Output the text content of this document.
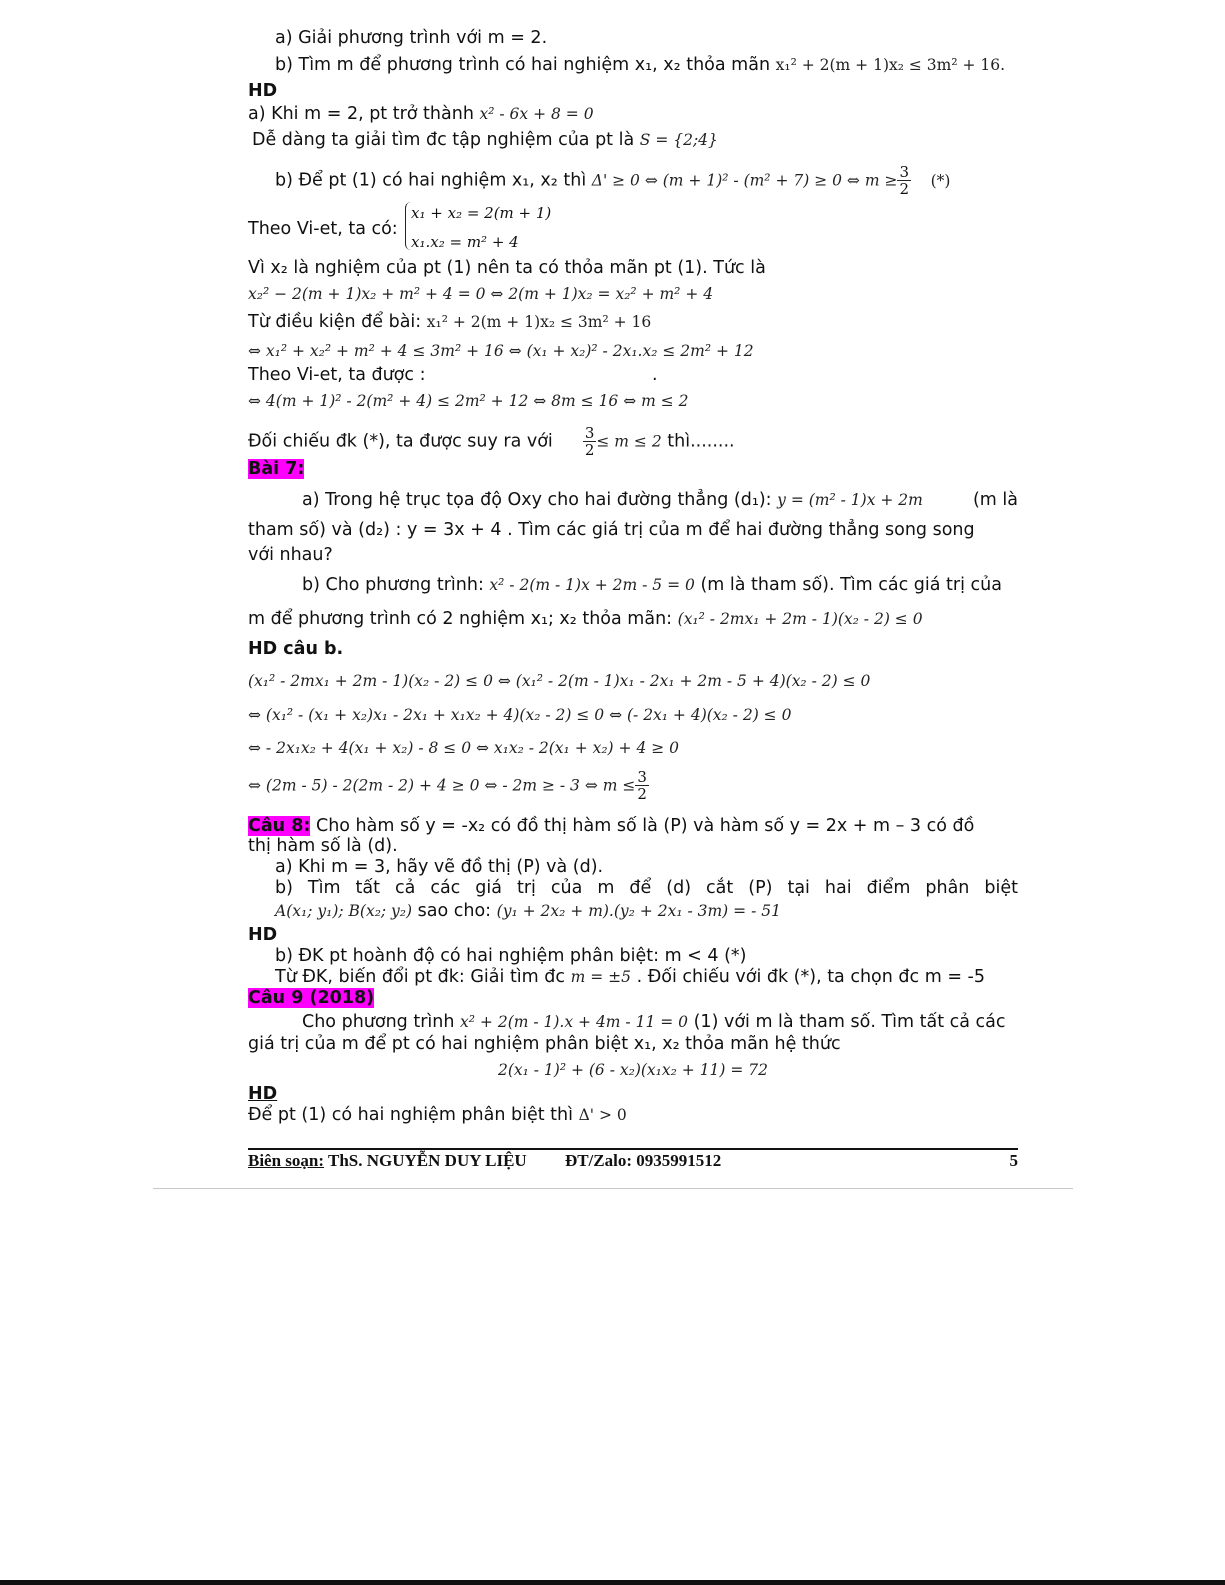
a) Giải phương trình với m = 2.
b) Tìm m để phương trình có hai nghiệm x₁, x₂ thỏa mãn x₁² + 2(m + 1)x₂ ≤ 3m² + 16.
HD
a) Khi m = 2, pt trở thành x² - 6x + 8 = 0
Dễ dàng ta giải tìm đc tập nghiệm của pt là S = {2;4}
b) Để pt (1) có hai nghiệm x₁, x₂ thì Δ' ≥ 0 ⇔ (m + 1)² - (m² + 7) ≥ 0 ⇔ $m \ge \frac{3}{2}$ (*)
Theo Vi-et, ta có:
x₁ + x₂ = 2(m + 1)
x₁.x₂ = m² + 4
Vì x₂ là nghiệm của pt (1) nên ta có thỏa mãn pt (1). Tức là
x₂² − 2(m + 1)x₂ + m² + 4 = 0 ⇔ 2(m + 1)x₂ = x₂² + m² + 4
Từ điều kiện để bài: x₁² + 2(m + 1)x₂ ≤ 3m² + 16
⇔ x₁² + x₂² + m² + 4 ≤ 3m² + 16 ⇔ (x₁ + x₂)² - 2x₁.x₂ ≤ 2m² + 12
Theo Vi-et, ta được :	.
⇔ 4(m + 1)² - 2(m² + 4) ≤ 2m² + 12 ⇔ 8m ≤ 16 ⇔ m ≤ 2
Đối chiếu đk (*), ta được suy ra với $\frac{3}{2} \le m \le 2$ thì........
Bài 7:
a) Trong hệ trục tọa độ Oxy cho hai đường thẳng (d₁): y = (m² - 1)x + 2m	(m là
tham số) và (d₂) : y = 3x + 4 . Tìm các giá trị của m để hai đường thẳng song song
với nhau?
b) Cho phương trình: x² - 2(m - 1)x + 2m - 5 = 0 (m là tham số). Tìm các giá trị của
m để phương trình có 2 nghiệm x₁; x₂ thỏa mãn: (x₁² - 2mx₁ + 2m - 1)(x₂ - 2) ≤ 0
HD câu b.
(x₁² - 2mx₁ + 2m - 1)(x₂ - 2) ≤ 0 ⇔ (x₁² - 2(m - 1)x₁ - 2x₁ + 2m - 5 + 4)(x₂ - 2) ≤ 0
⇔ (x₁² - (x₁ + x₂)x₁ - 2x₁ + x₁x₂ + 4)(x₂ - 2) ≤ 0 ⇔ (- 2x₁ + 4)(x₂ - 2) ≤ 0
⇔ - 2x₁x₂ + 4(x₁ + x₂) - 8 ≤ 0 ⇔ x₁x₂ - 2(x₁ + x₂) + 4 ≥ 0
⇔ (2m - 5) - 2(2m - 2) + 4 ≥ 0 ⇔ - 2m ≥ - 3 ⇔ $m \le \frac{3}{2}$
Câu 8: Cho hàm số y = -x₂ có đồ thị hàm số là (P) và hàm số y = 2x + m – 3 có đồ
thị hàm số là (d).
a) Khi m = 3, hãy vẽ đồ thị (P) và (d).
b) Tìm tất cả các giá trị của m để (d) cắt (P) tại hai điểm phân biệt
A(x₁; y₁); B(x₂; y₂) sao cho: (y₁ + 2x₂ + m).(y₂ + 2x₁ - 3m) = - 51
HD
b) ĐK pt hoành độ có hai nghiệm phân biệt: m < 4 (*)
Từ ĐK, biến đổi pt đk: Giải tìm đc m = ±5 . Đối chiếu với đk (*), ta chọn đc m = -5
Câu 9 (2018)
Cho phương trình x² + 2(m - 1).x + 4m - 11 = 0 (1) với m là tham số. Tìm tất cả các
giá trị của m để pt có hai nghiệm phân biệt x₁, x₂ thỏa mãn hệ thức
2(x₁ - 1)² + (6 - x₂)(x₁x₂ + 11) = 72
HD
Để pt (1) có hai nghiệm phân biệt thì Δ' > 0
Biên soạn: ThS. NGUYỄN DUY LIỆU ĐT/Zalo: 0935991512	5
